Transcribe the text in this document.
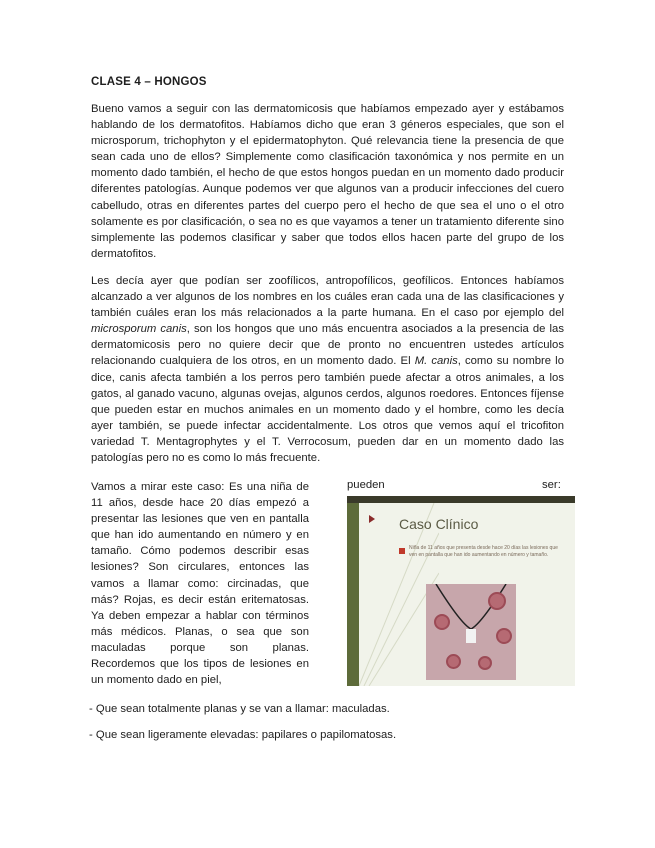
CLASE 4 – HONGOS

Bueno vamos a seguir con las dermatomicosis que habíamos empezado ayer y estábamos hablando de los dermatofitos. Habíamos dicho que eran 3 géneros especiales, que son el microsporum, trichophyton y el epidermatophyton. Qué relevancia tiene la presencia de que sean cada uno de ellos? Simplemente como clasificación taxonómica y nos permite en un momento dado también, el hecho de que estos hongos puedan en un momento dado producir diferentes patologías. Aunque podemos ver que algunos van a producir infecciones del cuero cabelludo, otras en diferentes partes del cuerpo pero el hecho de que sea el uno o el otro solamente es por clasificación, o sea no es que vayamos a tener un tratamiento diferente sino simplemente las podemos clasificar y saber que todos ellos hacen parte del grupo de los dermatofitos.

Les decía ayer que podían ser zoofílicos, antropofílicos, geofílicos. Entonces habíamos alcanzado a ver algunos de los nombres en los cuáles eran cada una de las clasificaciones y también cuáles eran los más relacionados a la parte humana. En el caso por ejemplo del microsporum canis, son los hongos que uno más encuentra asociados a la presencia de las dermatomicosis pero no quiere decir que de pronto no encuentren ustedes artículos relacionando cualquiera de los otros, en un momento dado. El M. canis, como su nombre lo dice, canis afecta también a los perros pero también puede afectar a otros animales, a los gatos, al ganado vacuno, algunas ovejas, algunos cerdos, algunos roedores. Entonces fíjense que pueden estar en muchos animales en un momento dado y el hombre, como les decía ayer también, se puede infectar accidentalmente. Los otros que vemos aquí el tricofiton variedad T. Mentagrophytes y el T. Verrocosum, pueden dar en un momento dado las patologías pero no es como lo más frecuente.

Vamos a mirar este caso: Es una niña de 11 años, desde hace 20 días empezó a presentar las lesiones que ven en pantalla que han ido aumentando en número y en tamaño. Cómo podemos describir esas lesiones? Son circulares, entonces las vamos a llamar como: circinadas, que más? Rojas, es decir están eritematosas. Ya deben empezar a hablar con términos más médicos. Planas, o sea que son maculadas porque son planas. Recordemos que los tipos de lesiones en un momento dado en piel,

pueden	ser:
Caso Clínico
Niña de 11 años que presenta desde hace 20 días las lesiones que ven en pantalla que han ido aumentando en número y tamaño.
- Que sean totalmente planas y se van a llamar: maculadas.
- Que sean ligeramente elevadas: papilares o papilomatosas.
